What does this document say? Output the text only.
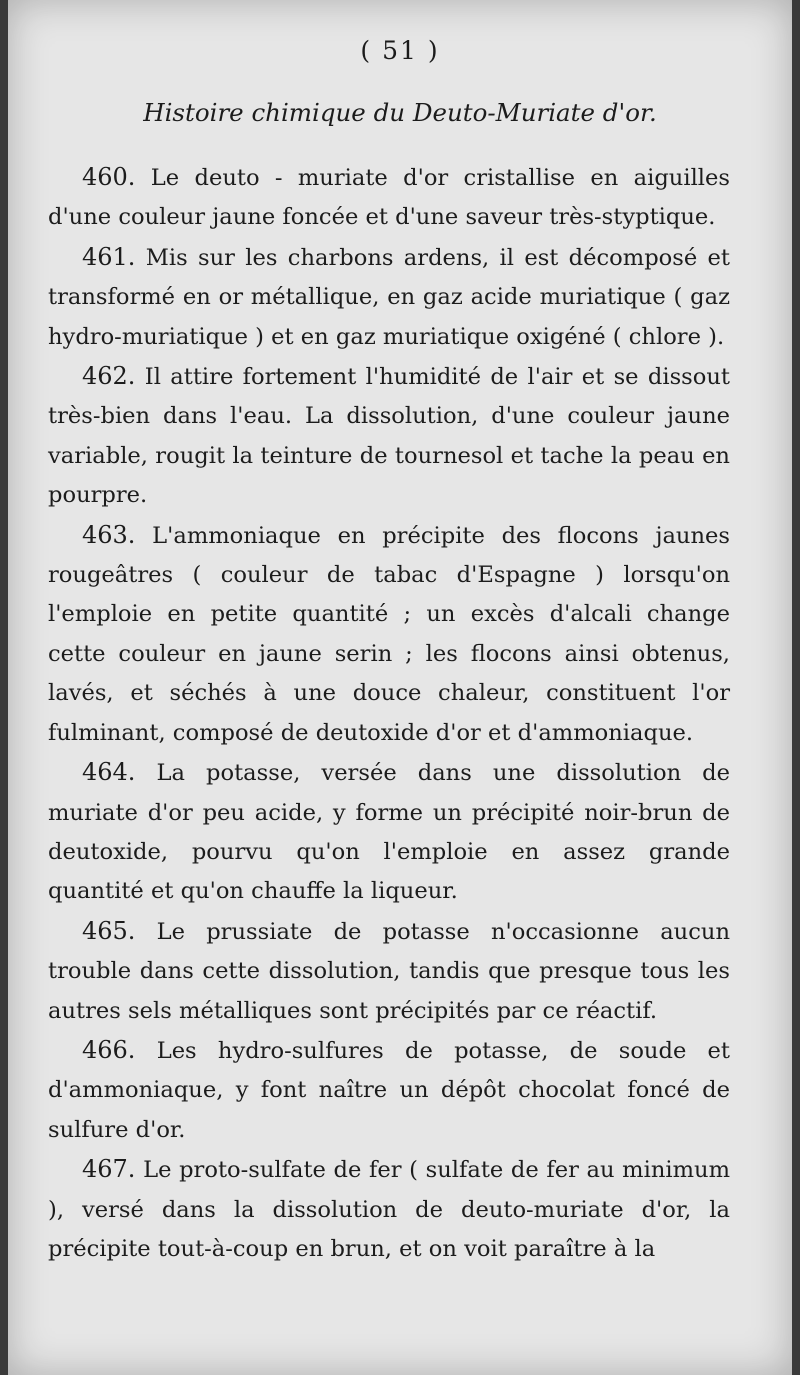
( 51 )
Histoire chimique du Deuto-Muriate d'or.

460. Le deuto - muriate d'or cristallise en aiguilles d'une couleur jaune foncée et d'une saveur très-styptique.

461. Mis sur les charbons ardens, il est décomposé et transformé en or métallique, en gaz acide muriatique ( gaz hydro-muriatique ) et en gaz muriatique oxigéné ( chlore ).

462. Il attire fortement l'humidité de l'air et se dissout très-bien dans l'eau. La dissolution, d'une couleur jaune variable, rougit la teinture de tournesol et tache la peau en pourpre.

463. L'ammoniaque en précipite des flocons jaunes rougeâtres ( couleur de tabac d'Espagne ) lorsqu'on l'emploie en petite quantité ; un excès d'alcali change cette couleur en jaune serin ; les flocons ainsi obtenus, lavés, et séchés à une douce chaleur, constituent l'or fulminant, composé de deutoxide d'or et d'ammoniaque.

464. La potasse, versée dans une dissolution de muriate d'or peu acide, y forme un précipité noir-brun de deutoxide, pourvu qu'on l'emploie en assez grande quantité et qu'on chauffe la liqueur.

465. Le prussiate de potasse n'occasionne aucun trouble dans cette dissolution, tandis que presque tous les autres sels métalliques sont précipités par ce réactif.

466. Les hydro-sulfures de potasse, de soude et d'ammoniaque, y font naître un dépôt chocolat foncé de sulfure d'or.

467. Le proto-sulfate de fer ( sulfate de fer au minimum ), versé dans la dissolution de deuto-muriate d'or, la précipite tout-à-coup en brun, et on voit paraître à la
